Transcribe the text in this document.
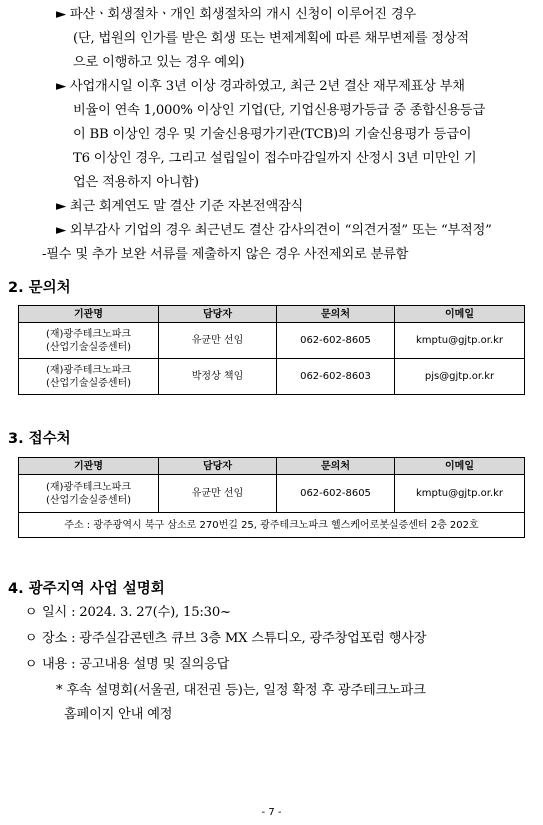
► 파산ㆍ회생절차ㆍ개인 회생절차의 개시 신청이 이루어진 경우
(단, 법원의 인가를 받은 회생 또는 변제계획에 따른 채무변제를 정상적
으로 이행하고 있는 경우 예외)
► 사업개시일 이후 3년 이상 경과하였고, 최근 2년 결산 재무제표상 부채
비율이 연속 1,000% 이상인 기업(단, 기업신용평가등급 중 종합신용등급
이 BB 이상인 경우 및 기술신용평가기관(TCB)의 기술신용평가 등급이
T6 이상인 경우, 그리고 설립일이 접수마감일까지 산정시 3년 미만인 기
업은 적용하지 아니함)
► 최근 회계연도 말 결산 기준 자본전액잠식
► 외부감사 기업의 경우 최근년도 결산 감사의견이 “의견거절” 또는 “부적정”
-필수 및 추가 보완 서류를 제출하지 않은 경우 사전제외로 분류함
2. 문의처
기관명	담당자	문의처	이메일
(재)광주테크노파크
(산업기술실증센터)	유균만 선임	062-602-8605	kmptu@gjtp.or.kr
(재)광주테크노파크
(산업기술실증센터)	박정상 책임	062-602-8603	pjs@gjtp.or.kr
3. 접수처
기관명	담당자	문의처	이메일
(재)광주테크노파크
(산업기술실증센터)	유균만 선임	062-602-8605	kmptu@gjtp.or.kr
주소 : 광주광역시 북구 삼소로 270번길 25, 광주테크노파크 헬스케어로봇실증센터 2층 202호			
4. 광주지역 사업 설명회
ㅇ 일시 : 2024. 3. 27(수), 15:30~
ㅇ 장소 : 광주실감콘텐츠 큐브 3층 MX 스튜디오, 광주창업포럼 행사장
ㅇ 내용 : 공고내용 설명 및 질의응답
* 후속 설명회(서울권, 대전권 등)는, 일정 확정 후 광주테크노파크
홈페이지 안내 예정
- 7 -
